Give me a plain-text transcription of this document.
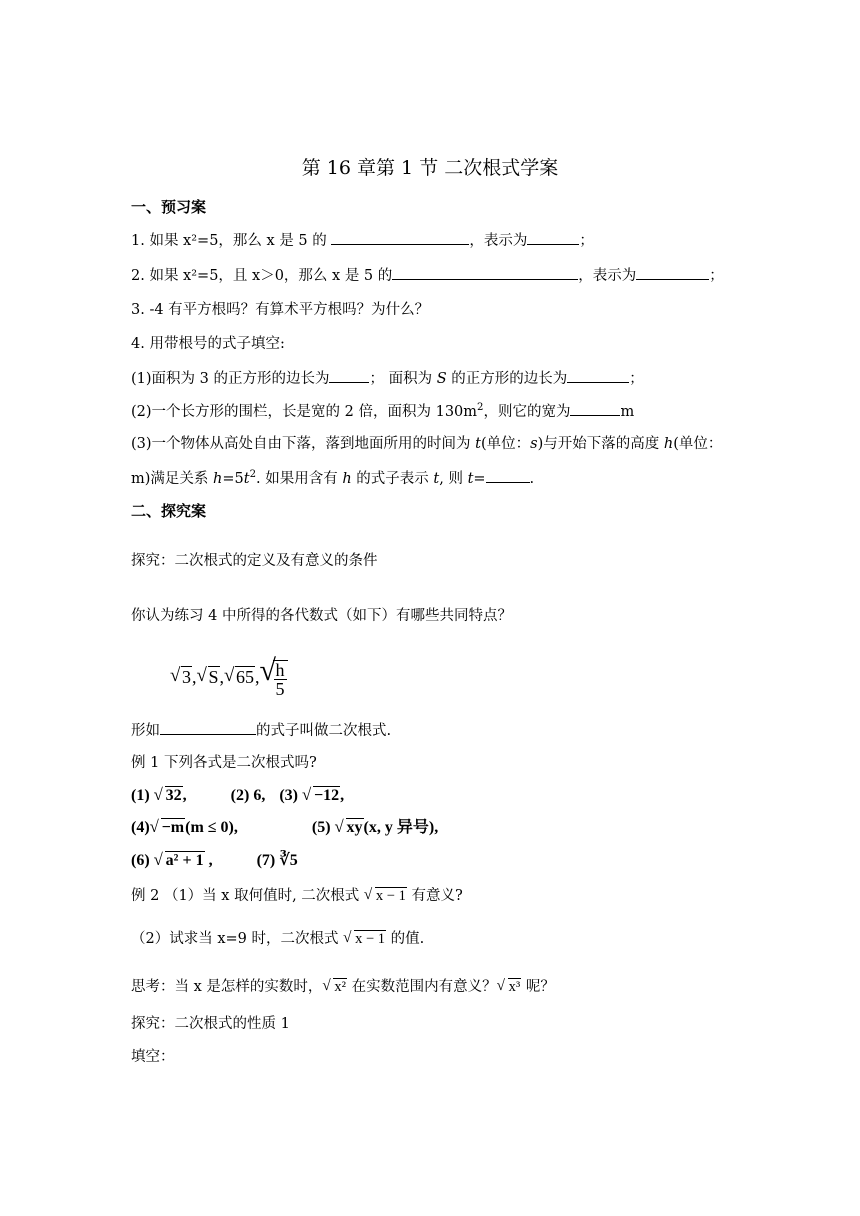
第 16 章第 1 节 二次根式学案
一、预习案
1. 如果 x²=5，那么 x 是 5 的	，表示为	；
2. 如果 x²=5，且 x＞0，那么 x 是 5 的	，表示为	；
3. -4 有平方根吗？有算术平方根吗？为什么？
4. 用带根号的式子填空:
(1)面积为 3 的正方形的边长为	； 面积为 S 的正方形的边长为	；
(2)一个长方形的围栏，长是宽的 2 倍，面积为 $130m^2$，则它的宽为	m
(3)一个物体从高处自由下落，落到地面所用的时间为 t(单位：s)与开始下落的高度 h(单位：
m)满足关系 $h=5t^2$. 如果用含有 h 的式子表示 t, 则 t=	.
二、探究案
探究：二次根式的定义及有意义的条件
你认为练习 4 中所得的各代数式（如下）有哪些共同特点？
√ 3, √ S, √ 65, √
$\frac{h}{5}$
形如	的式子叫做二次根式.
例 1 下列各式是二次根式吗?
(1) √ 32,	(2) 6, (3) √ −12,
(4) √ −m(m ≤ 0),	(5) √ xy(x, y 异号),
(6) √ a² + 1 ,	(7) ∛5
例 2 （1）当 x 取何值时, 二次根式 √ x − 1 有意义?
（2）试求当 x=9 时，二次根式 √ x − 1 的值.
思考：当 x 是怎样的实数时， √ x² 在实数范围内有意义？ √ x³ 呢？
探究：二次根式的性质 1
填空：
